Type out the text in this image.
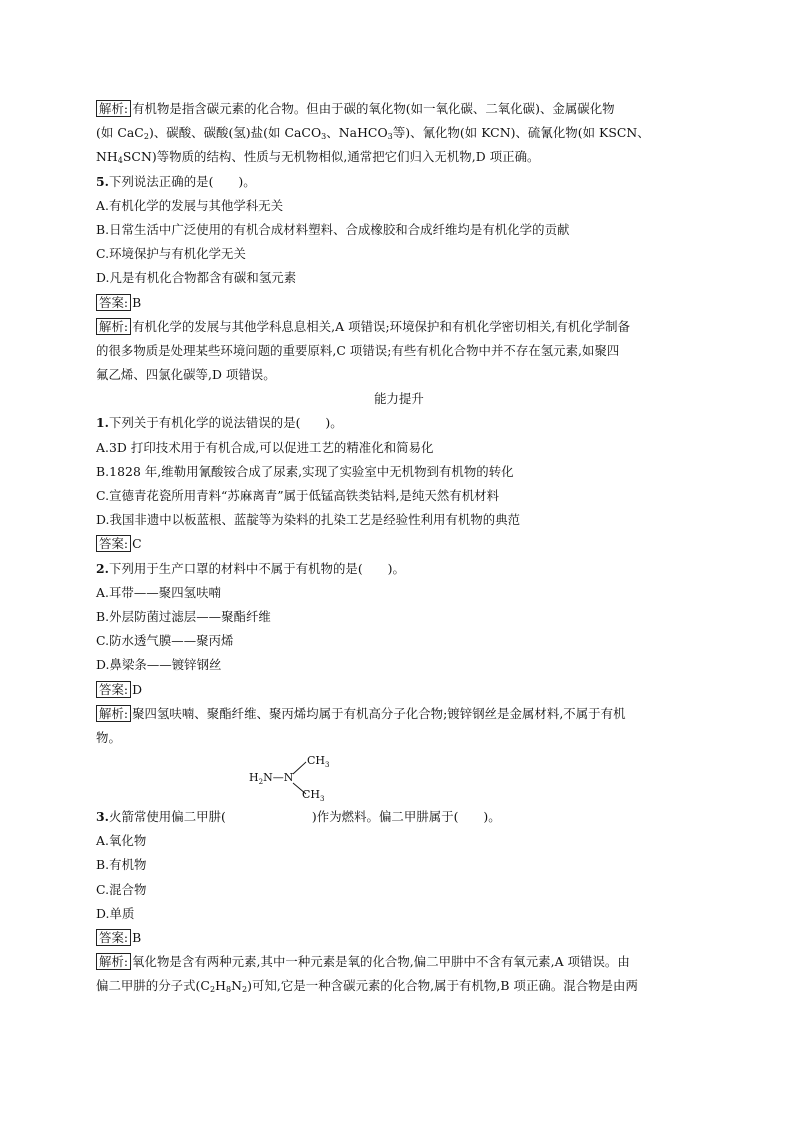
解析: 有机物是指含碳元素的化合物。但由于碳的氧化物(如一氧化碳、二氧化碳)、金属碳化物
(如 CaC$_2$)、碳酸、碳酸(氢)盐(如 CaCO$_3$、NaHCO$_3$等)、氰化物(如 KCN)、硫氰化物(如 KSCN、
$NH_4SCN$)等物质的结构、性质与无机物相似,通常把它们归入无机物,D 项正确。
5.下列说法正确的是(　　)。
A.有机化学的发展与其他学科无关
B.日常生活中广泛使用的有机合成材料塑料、合成橡胶和合成纤维均是有机化学的贡献
C.环境保护与有机化学无关
D.凡是有机化合物都含有碳和氢元素
答案: B
解析: 有机化学的发展与其他学科息息相关,A 项错误;环境保护和有机化学密切相关,有机化学制备
的很多物质是处理某些环境问题的重要原料,C 项错误;有些有机化合物中并不存在氢元素,如聚四
氟乙烯、四氯化碳等,D 项错误。
能力提升
1.下列关于有机化学的说法错误的是(　　)。
A.3D 打印技术用于有机合成,可以促进工艺的精准化和简易化
B.1828 年,维勒用氰酸铵合成了尿素,实现了实验室中无机物到有机物的转化
C.宣德青花瓷所用青料“苏麻离青”属于低锰高铁类钴料,是纯天然有机材料
D.我国非遗中以板蓝根、蓝靛等为染料的扎染工艺是经验性利用有机物的典范
答案: C
2.下列用于生产口罩的材料中不属于有机物的是(　　)。
A.耳带——聚四氢呋喃
B.外层防菌过滤层——聚酯纤维
C.防水透气膜——聚丙烯
D.鼻梁条——镀锌钢丝
答案: D
解析: 聚四氢呋喃、聚酯纤维、聚丙烯均属于有机高分子化合物;镀锌钢丝是金属材料,不属于有机
物。
$CH_3$
$H_2N—N$
3.火箭常使用偏二甲肼(	)作为燃料。偏二甲肼属于(　　)。
A.氧化物
B.有机物
C.混合物
D.单质
答案: B
解析: 氧化物是含有两种元素,其中一种元素是氧的化合物,偏二甲肼中不含有氧元素,A 项错误。由
偏二甲肼的分子式$(C_2H_8N_2)$可知,它是一种含碳元素的化合物,属于有机物,B 项正确。混合物是由两
$CH_3$
